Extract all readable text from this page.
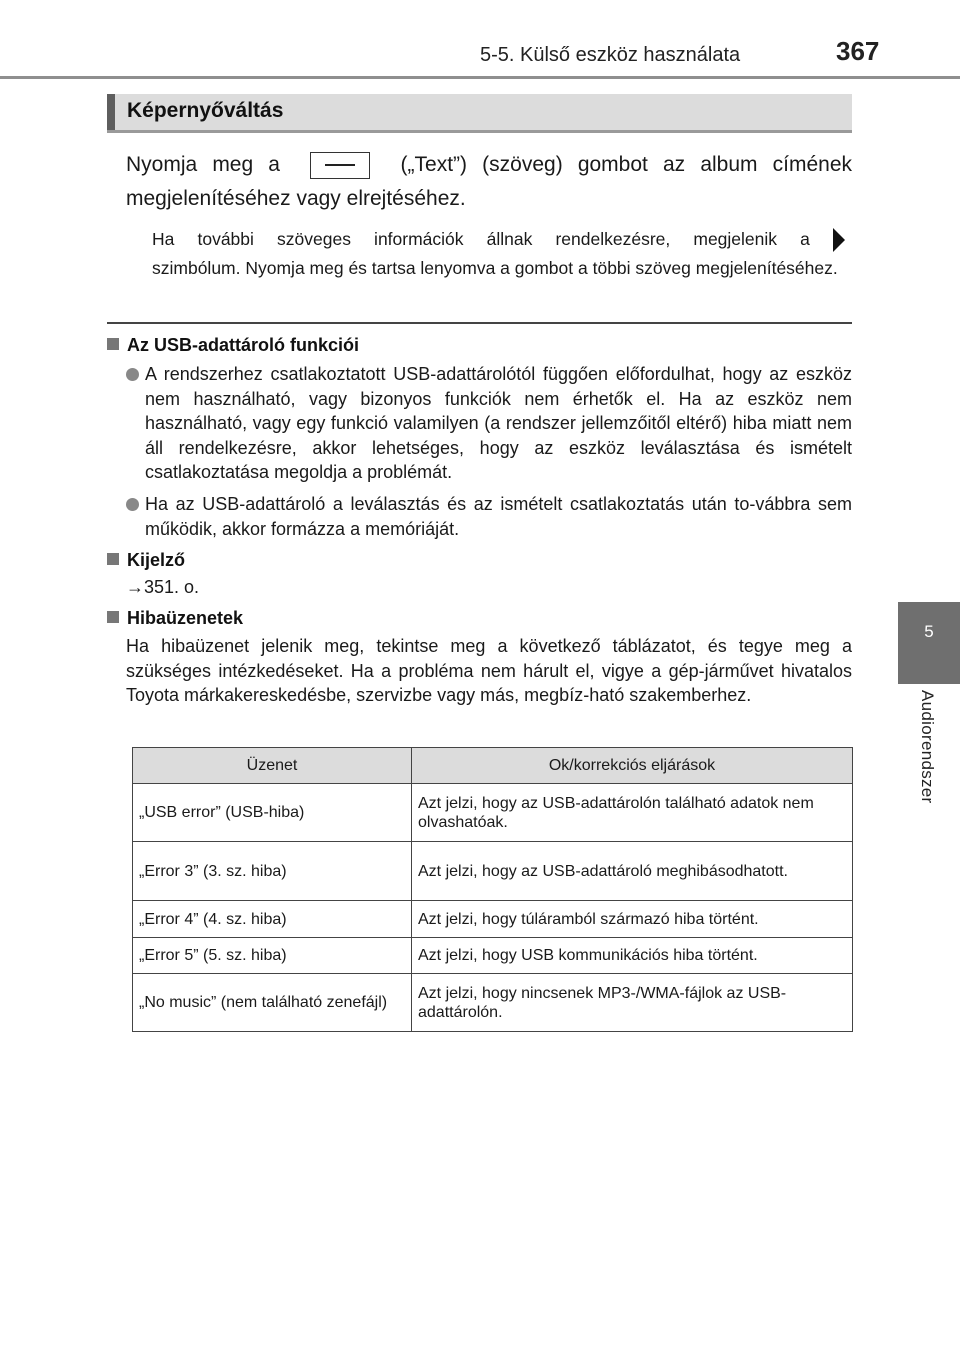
5-5. Külső eszköz használata	367
5
Audiorendszer
Képernyőváltás
Nyomja meg a	(„Text”) (szöveg) gombot az album címének
megjelenítéséhez vagy elrejtéséhez.
Ha további szöveges információk állnak rendelkezésre, megjelenik a
szimbólum. Nyomja meg és tartsa lenyomva a gombot a többi szöveg megjelenítéséhez.
Az USB-adattároló funkciói
A rendszerhez csatlakoztatott USB-adattárolótól függően előfordulhat, hogy az eszköz nem használható, vagy bizonyos funkciók nem érhetők el. Ha az eszköz nem használható, vagy egy funkció valamilyen (a rendszer jellemzőitől eltérő) hiba miatt nem áll rendelkezésre, akkor lehetséges, hogy az eszköz leválasztása és ismételt csatlakoztatása megoldja a problémát.
Ha az USB-adattároló a leválasztás és az ismételt csatlakoztatás után to-vábbra sem működik, akkor formázza a memóriáját.
Kijelző
→351. o.
Hibaüzenetek
Ha hibaüzenet jelenik meg, tekintse meg a következő táblázatot, és tegye meg a szükséges intézkedéseket. Ha a probléma nem hárult el, vigye a gép-járművet hivatalos Toyota márkakereskedésbe, szervizbe vagy más, megbíz-ható szakemberhez.
Üzenet	Ok/korrekciós eljárások
„USB error” (USB-hiba)	Azt jelzi, hogy az USB-adattárolón található adatok nem olvashatóak.
„Error 3” (3. sz. hiba)	Azt jelzi, hogy az USB-adattároló meghibásodhatott.
„Error 4” (4. sz. hiba)	Azt jelzi, hogy túláramból származó hiba történt.
„Error 5” (5. sz. hiba)	Azt jelzi, hogy USB kommunikációs hiba történt.
„No music” (nem található zenefájl)	Azt jelzi, hogy nincsenek MP3-/WMA-fájlok az USB-adattárolón.
